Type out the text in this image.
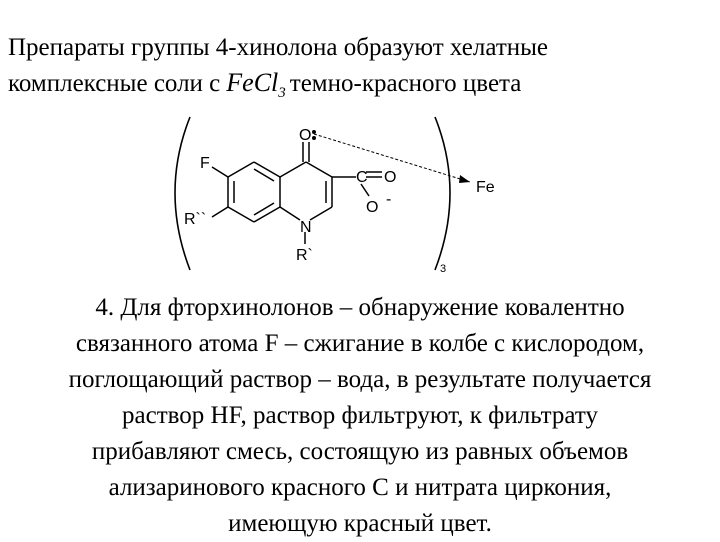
Препараты группы 4-хинолона образуют хелатные
комплексные соли с FeCl$_3$ темно-красного цвета
O
F
C O
O -
N
R``
R`
Fe
3
4. Для фторхинолонов – обнаружение ковалентно
связанного атома F – сжигание в колбе с кислородом,
поглощающий раствор – вода, в результате получается
раствор HF, раствор фильтруют, к фильтрату
прибавляют смесь, состоящую из равных объемов
ализаринового красного С и нитрата циркония,
имеющую красный цвет.
